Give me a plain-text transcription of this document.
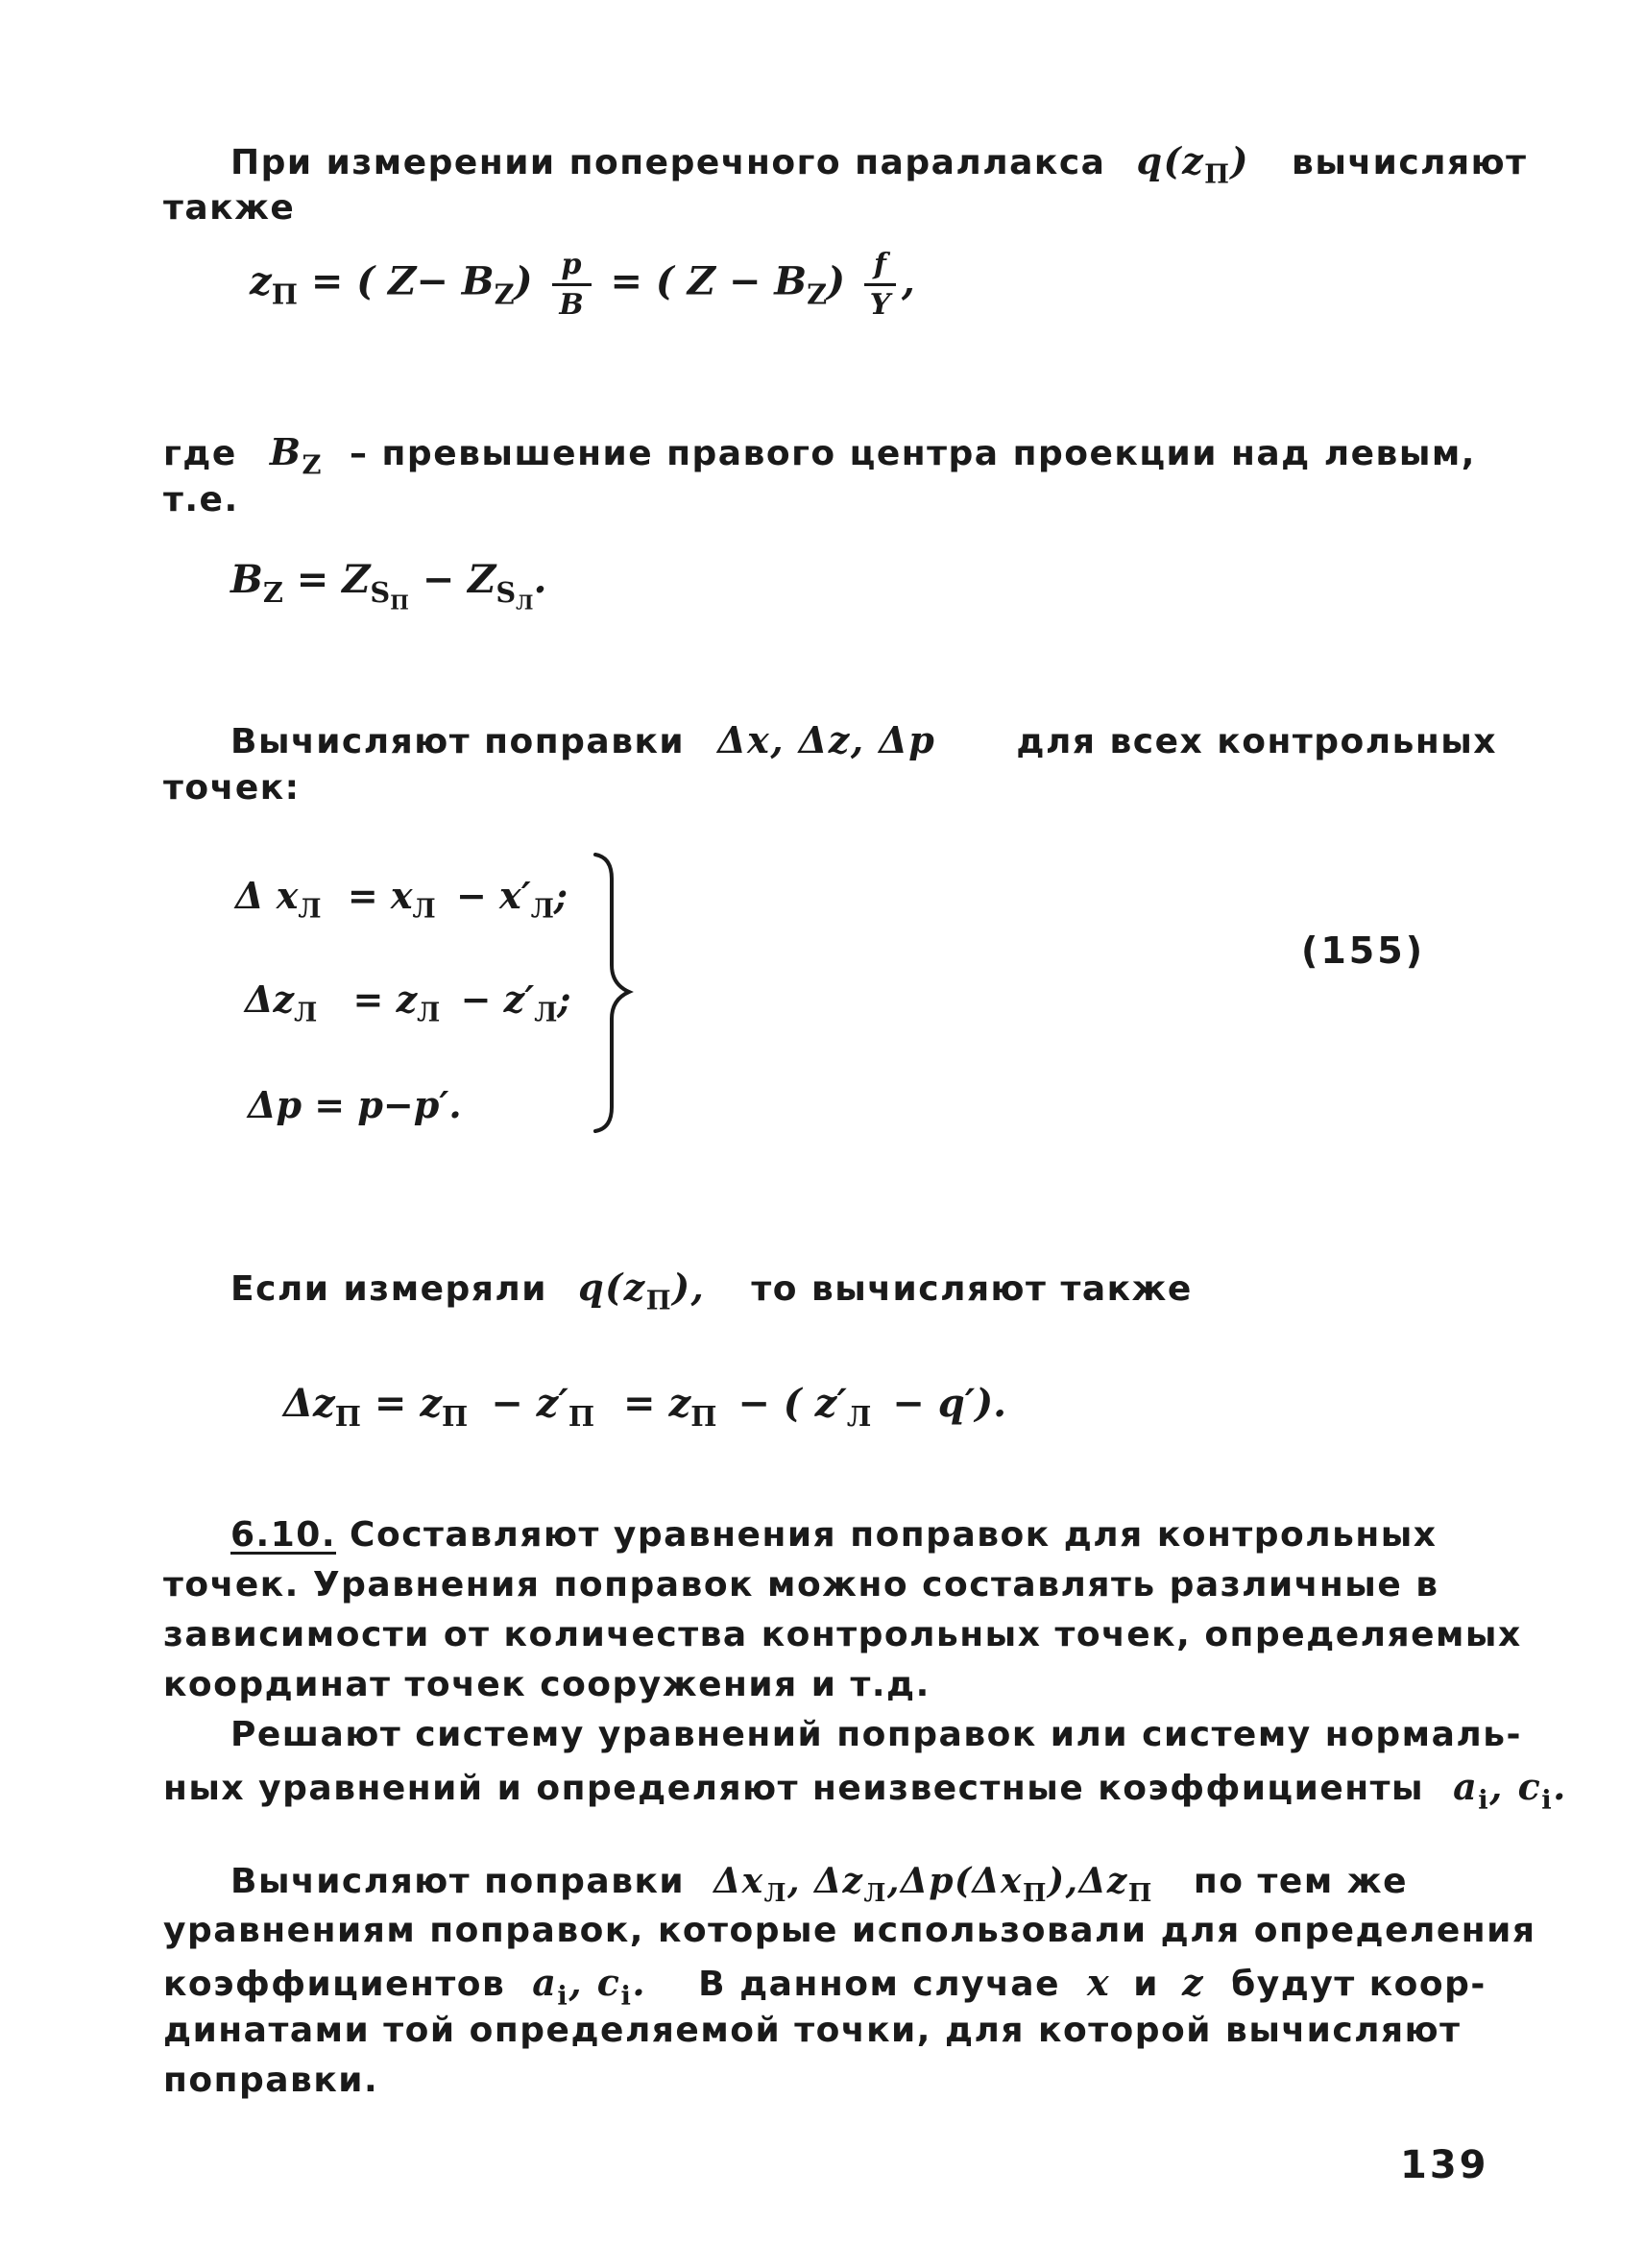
При измерении поперечного параллакса $q(z_П)$ вычисляют
также
$z_П$ = ( $Z- B_Z) \frac{p}{B}$ = ( $Z - B_Z) \frac{f}{Y}$ ,
где $B_Z$ – превышение правого центра проекции над левым,
т.е.
$B_Z = Z_{S_П} - Z_{S_Л}$.
Вычисляют поправки Δx, Δz, Δp для всех контрольных
точек:
Δ $x_Л = x_Л - x'_Л$;
$\Delta z_Л = z_Л - z'_Л$;
Δp = p−p′.
(155)
Если измеряли $q(z_П)$, то вычисляют также
$\Delta z_П = z_П - z'_П = z_П$ − ( $z'_Л - q'$).
6.10. Составляют уравнения поправок для контрольных
точек. Уравнения поправок можно составлять различные в
зависимости от количества контрольных точек, определяемых
координат точек сооружения и т.д.
Решают систему уравнений поправок или систему нормаль-
ных уравнений и определяют неизвестные коэффициенты $a_i$, $c_i$.
Вычисляют поправки $\Delta x_Л$, $\Delta z_Л,\Delta p(\Delta x_П),\Delta z_П$ по тем же
уравнениям поправок, которые использовали для определения
коэффициентов $a_i$, $c_i$. В данном случае x и z будут коор-
динатами той определяемой точки, для которой вычисляют
поправки.
139
